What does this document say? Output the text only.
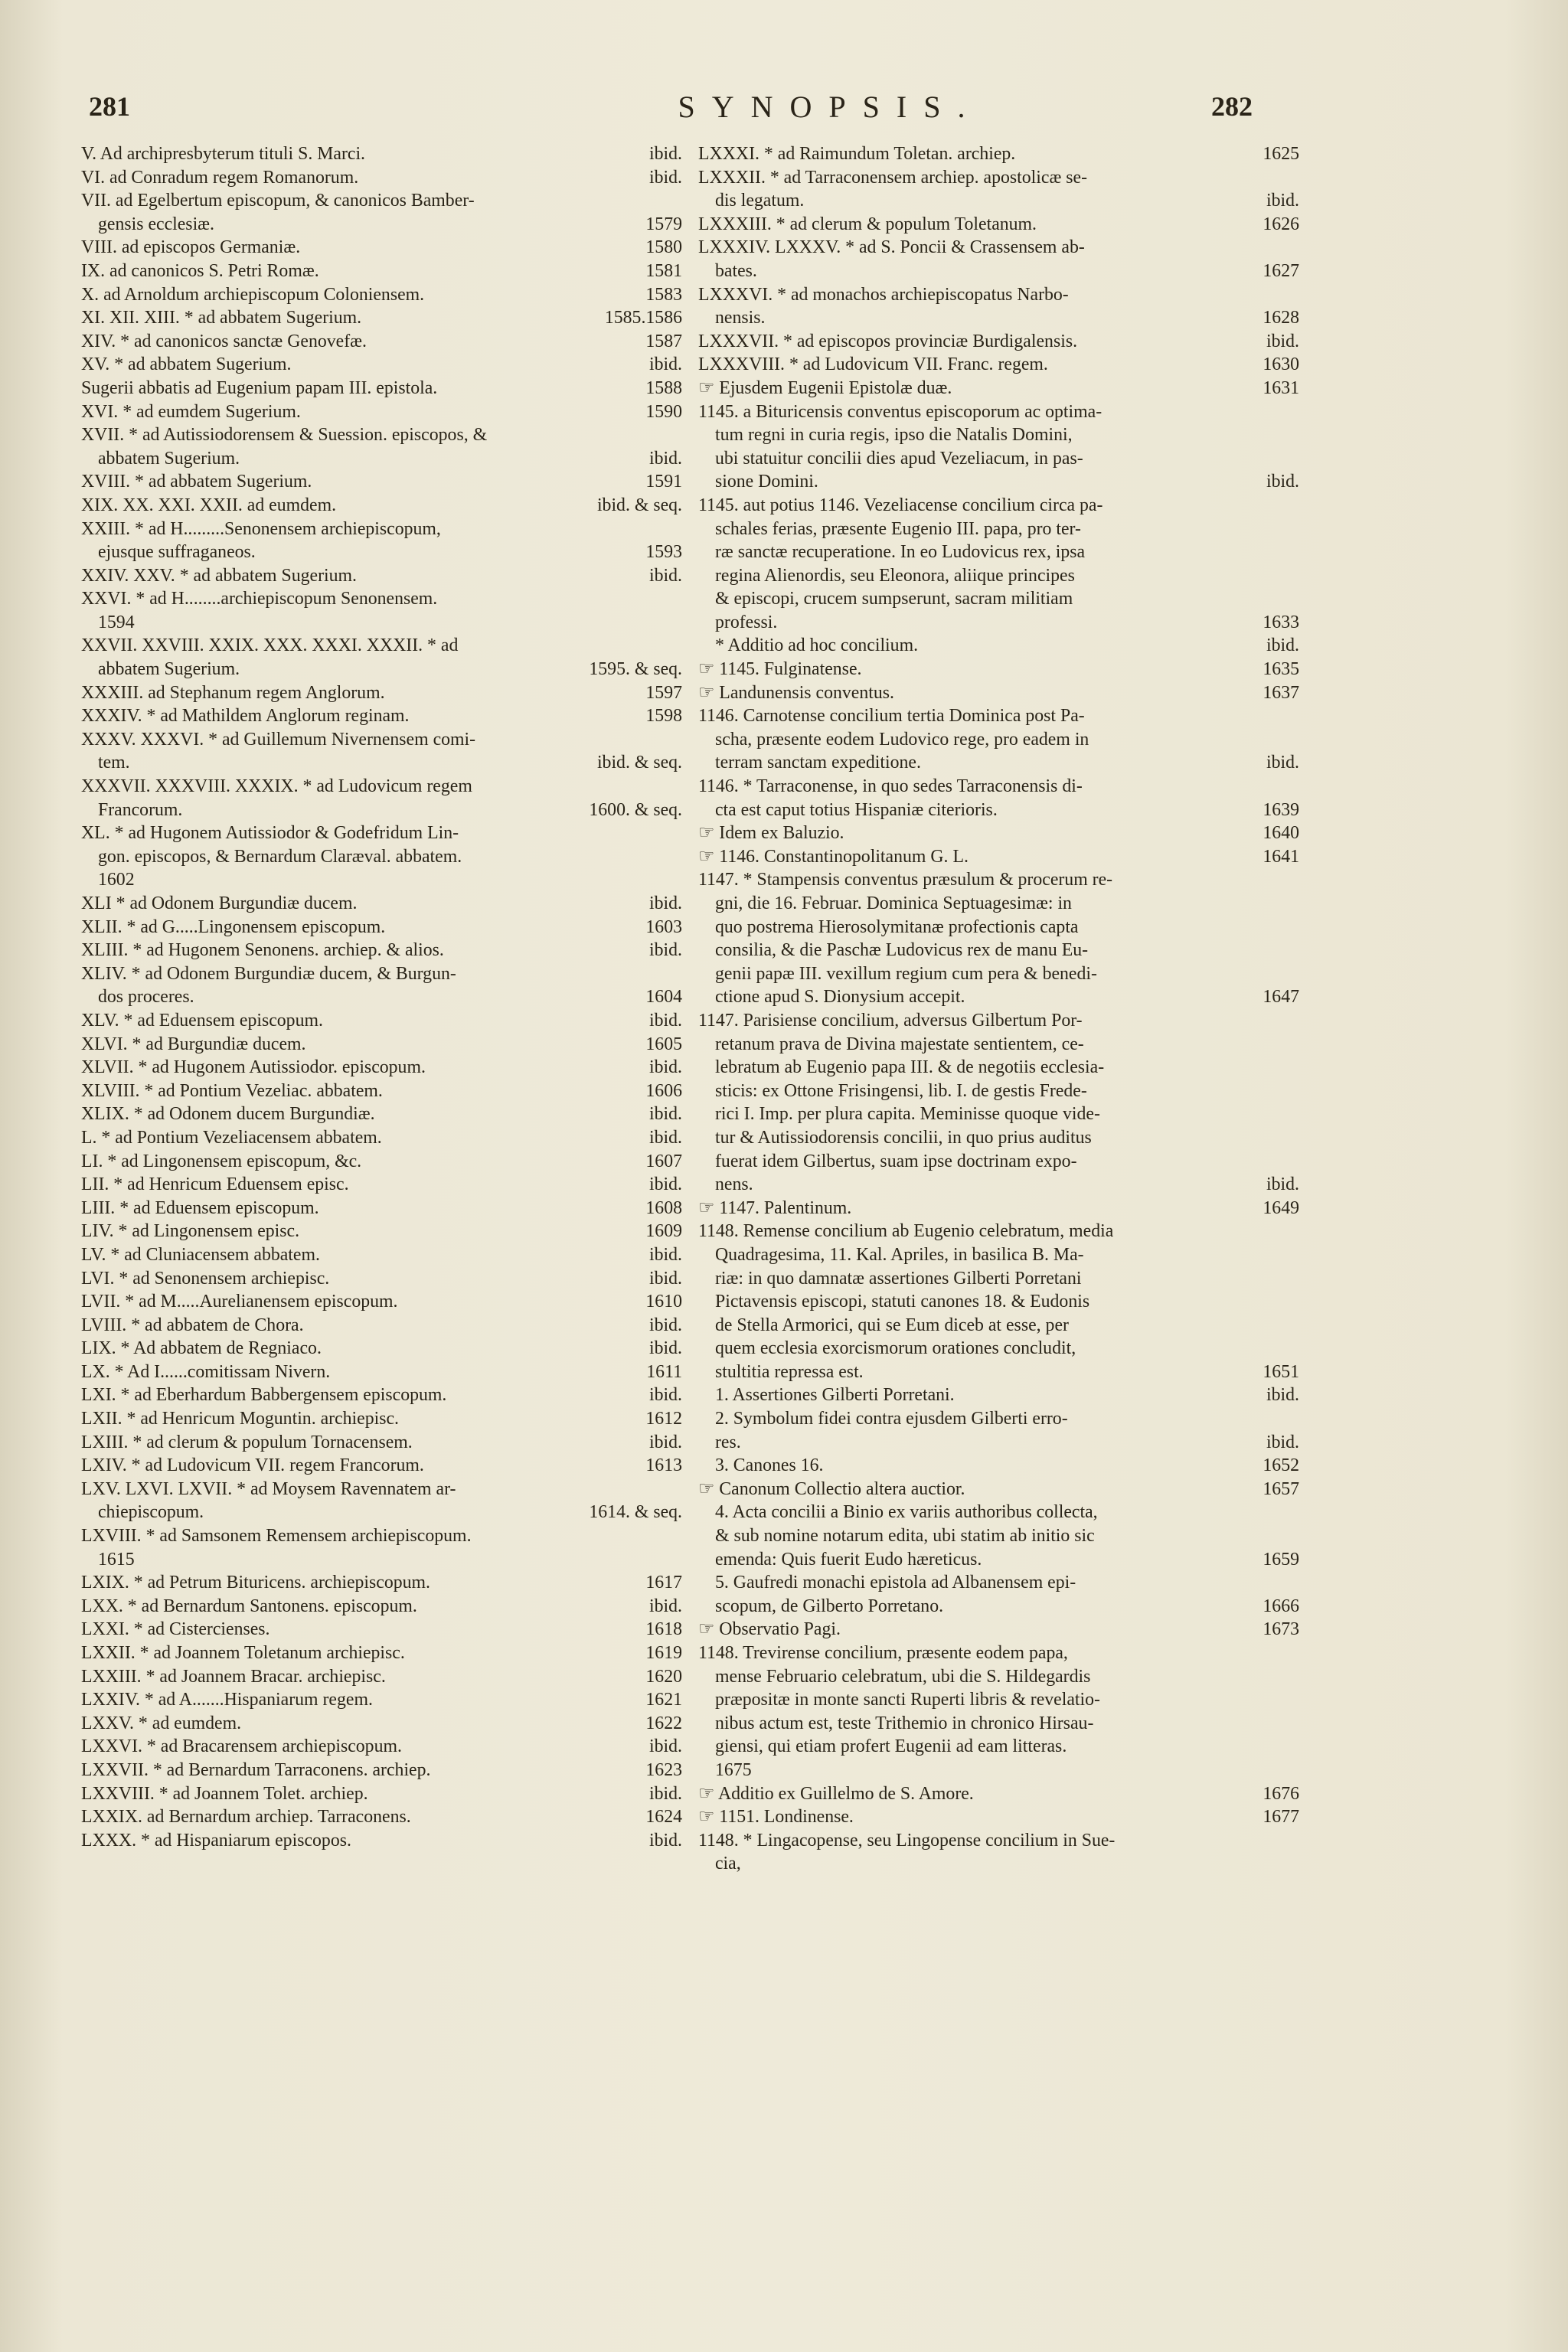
281	SYNOPSIS.	282
V. Ad archipresbyterum tituli S. Marci.	ibid.
VI. ad Conradum regem Romanorum.	ibid.
VII. ad Egelbertum episcopum, & canonicos Bamber-
gensis ecclesiæ.	1579
VIII. ad episcopos Germaniæ.	1580
IX. ad canonicos S. Petri Romæ.	1581
X. ad Arnoldum archiepiscopum Coloniensem.	1583
XI. XII. XIII. * ad abbatem Sugerium.	1585.1586
XIV. * ad canonicos sanctæ Genovefæ.	1587
XV. * ad abbatem Sugerium.	ibid.
Sugerii abbatis ad Eugenium papam III. epistola.	1588
XVI. * ad eumdem Sugerium.	1590
XVII. * ad Autissiodorensem & Suession. episcopos, &
abbatem Sugerium.	ibid.
XVIII. * ad abbatem Sugerium.	1591
XIX. XX. XXI. XXII. ad eumdem.	ibid. & seq.
XXIII. * ad H.........Senonensem archiepiscopum,
ejusque suffraganeos.	1593
XXIV. XXV. * ad abbatem Sugerium.	ibid.
XXVI. * ad H........archiepiscopum Senonensem.
1594
XXVII. XXVIII. XXIX. XXX. XXXI. XXXII. * ad
abbatem Sugerium.	1595. & seq.
XXXIII. ad Stephanum regem Anglorum.	1597
XXXIV. * ad Mathildem Anglorum reginam.	1598
XXXV. XXXVI. * ad Guillemum Nivernensem comi-
tem.	ibid. & seq.
XXXVII. XXXVIII. XXXIX. * ad Ludovicum regem
Francorum.	1600. & seq.
XL. * ad Hugonem Autissiodor & Godefridum Lin-
gon. episcopos, & Bernardum Claræval. abbatem.
1602
XLI * ad Odonem Burgundiæ ducem.	ibid.
XLII. * ad G.....Lingonensem episcopum.	1603
XLIII. * ad Hugonem Senonens. archiep. & alios.	ibid.
XLIV. * ad Odonem Burgundiæ ducem, & Burgun-
dos proceres.	1604
XLV. * ad Eduensem episcopum.	ibid.
XLVI. * ad Burgundiæ ducem.	1605
XLVII. * ad Hugonem Autissiodor. episcopum.	ibid.
XLVIII. * ad Pontium Vezeliac. abbatem.	1606
XLIX. * ad Odonem ducem Burgundiæ.	ibid.
L. * ad Pontium Vezeliacensem abbatem.	ibid.
LI. * ad Lingonensem episcopum, &c.	1607
LII. * ad Henricum Eduensem episc.	ibid.
LIII. * ad Eduensem episcopum.	1608
LIV. * ad Lingonensem episc.	1609
LV. * ad Cluniacensem abbatem.	ibid.
LVI. * ad Senonensem archiepisc.	ibid.
LVII. * ad M.....Aurelianensem episcopum.	1610
LVIII. * ad abbatem de Chora.	ibid.
LIX. * Ad abbatem de Regniaco.	ibid.
LX. * Ad I......comitissam Nivern.	1611
LXI. * ad Eberhardum Babbergensem episcopum.	ibid.
LXII. * ad Henricum Moguntin. archiepisc.	1612
LXIII. * ad clerum & populum Tornacensem.	ibid.
LXIV. * ad Ludovicum VII. regem Francorum.	1613
LXV. LXVI. LXVII. * ad Moysem Ravennatem ar-
chiepiscopum.	1614. & seq.
LXVIII. * ad Samsonem Remensem archiepiscopum.
1615
LXIX. * ad Petrum Bituricens. archiepiscopum.	1617
LXX. * ad Bernardum Santonens. episcopum.	ibid.
LXXI. * ad Cistercienses.	1618
LXXII. * ad Joannem Toletanum archiepisc.	1619
LXXIII. * ad Joannem Bracar. archiepisc.	1620
LXXIV. * ad A.......Hispaniarum regem.	1621
LXXV. * ad eumdem.	1622
LXXVI. * ad Bracarensem archiepiscopum.	ibid.
LXXVII. * ad Bernardum Tarraconens. archiep.	1623
LXXVIII. * ad Joannem Tolet. archiep.	ibid.
LXXIX. ad Bernardum archiep. Tarraconens.	1624
LXXX. * ad Hispaniarum episcopos.	ibid.
LXXXI. * ad Raimundum Toletan. archiep.	1625
LXXXII. * ad Tarraconensem archiep. apostolicæ se-
dis legatum.	ibid.
LXXXIII. * ad clerum & populum Toletanum.	1626
LXXXIV. LXXXV. * ad S. Poncii & Crassensem ab-
bates.	1627
LXXXVI. * ad monachos archiepiscopatus Narbo-
nensis.	1628
LXXXVII. * ad episcopos provinciæ Burdigalensis.	ibid.
LXXXVIII. * ad Ludovicum VII. Franc. regem.	1630
☞ Ejusdem Eugenii Epistolæ duæ.	1631
1145. a Bituricensis conventus episcoporum ac optima-
tum regni in curia regis, ipso die Natalis Domini,
ubi statuitur concilii dies apud Vezeliacum, in pas-
sione Domini.	ibid.
1145. aut potius 1146. Vezeliacense concilium circa pa-
schales ferias, præsente Eugenio III. papa, pro ter-
ræ sanctæ recuperatione. In eo Ludovicus rex, ipsa
regina Alienordis, seu Eleonora, aliique principes
& episcopi, crucem sumpserunt, sacram militiam
professi.	1633
* Additio ad hoc concilium.	ibid.
☞ 1145. Fulginatense.	1635
☞ Landunensis conventus.	1637
1146. Carnotense concilium tertia Dominica post Pa-
scha, præsente eodem Ludovico rege, pro eadem in
terram sanctam expeditione.	ibid.
1146. * Tarraconense, in quo sedes Tarraconensis di-
cta est caput totius Hispaniæ citerioris.	1639
☞ Idem ex Baluzio.	1640
☞ 1146. Constantinopolitanum G. L.	1641
1147. * Stampensis conventus præsulum & procerum re-
gni, die 16. Februar. Dominica Septuagesimæ: in
quo postrema Hierosolymitanæ profectionis capta
consilia, & die Paschæ Ludovicus rex de manu Eu-
genii papæ III. vexillum regium cum pera & benedi-
ctione apud S. Dionysium accepit.	1647
1147. Parisiense concilium, adversus Gilbertum Por-
retanum prava de Divina majestate sentientem, ce-
lebratum ab Eugenio papa III. & de negotiis ecclesia-
sticis: ex Ottone Frisingensi, lib. I. de gestis Frede-
rici I. Imp. per plura capita. Meminisse quoque vide-
tur & Autissiodorensis concilii, in quo prius auditus
fuerat idem Gilbertus, suam ipse doctrinam expo-
nens.	ibid.
☞ 1147. Palentinum.	1649
1148. Remense concilium ab Eugenio celebratum, media
Quadragesima, 11. Kal. Apriles, in basilica B. Ma-
riæ: in quo damnatæ assertiones Gilberti Porretani
Pictavensis episcopi, statuti canones 18. & Eudonis
de Stella Armorici, qui se Eum diceb at esse, per
quem ecclesia exorcismorum orationes concludit,
stultitia repressa est.	1651
1. Assertiones Gilberti Porretani.	ibid.
2. Symbolum fidei contra ejusdem Gilberti erro-
res.	ibid.
3. Canones 16.	1652
☞ Canonum Collectio altera auctior.	1657
4. Acta concilii a Binio ex variis authoribus collecta,
& sub nomine notarum edita, ubi statim ab initio sic
emenda: Quis fuerit Eudo hæreticus.	1659
5. Gaufredi monachi epistola ad Albanensem epi-
scopum, de Gilberto Porretano.	1666
☞ Observatio Pagi.	1673
1148. Trevirense concilium, præsente eodem papa,
mense Februario celebratum, ubi die S. Hildegardis
præpositæ in monte sancti Ruperti libris & revelatio-
nibus actum est, teste Trithemio in chronico Hirsau-
giensi, qui etiam profert Eugenii ad eam litteras.
1675
☞ Additio ex Guillelmo de S. Amore.	1676
☞ 1151. Londinense.	1677
1148. * Lingacopense, seu Lingopense concilium in Sue-
cia,
